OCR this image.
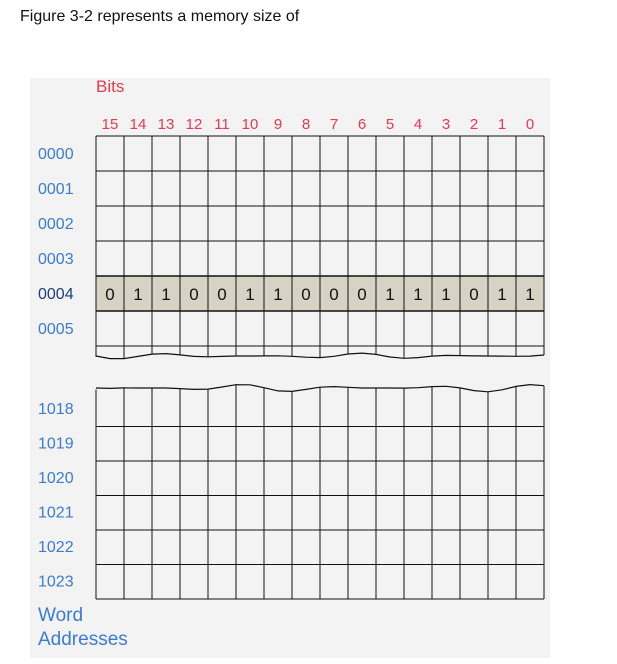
Figure 3-2 represents a memory size of
Bits
15 14 13 12 11 10 9 8 7 6 5 4 3 2 1 0
0 1 1 0 0 1 1 0 0 0 1 1 1 0 1 1
0000
0001
0002
0003
0004
0005
1018
1019
1020
1021
1022
1023
Word
Addresses
